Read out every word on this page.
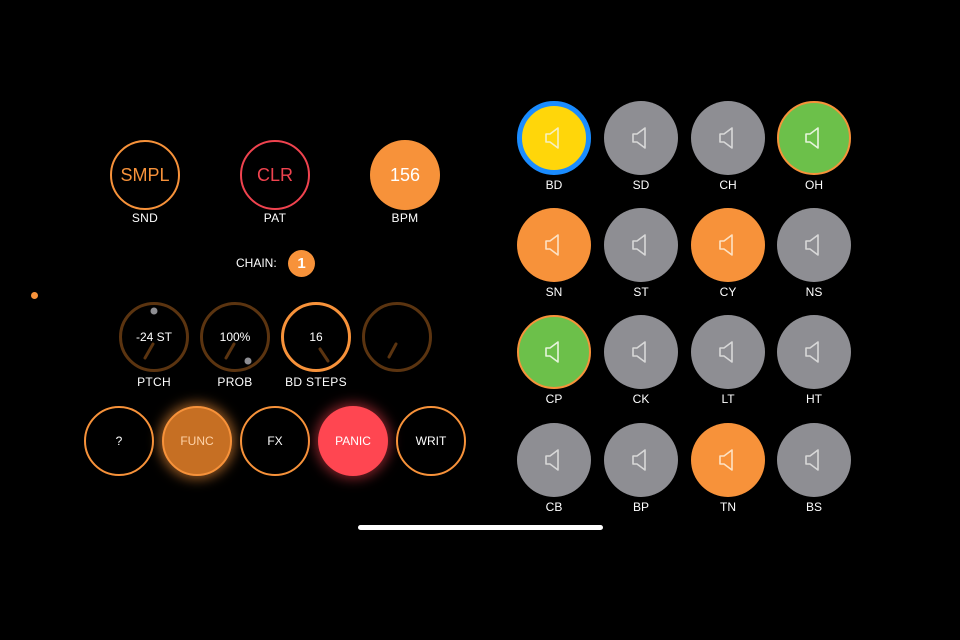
SMPL
SND
CLR
PAT
156
BPM
CHAIN: 1
-24 ST
PTCH
100%
PROB
16
BD STEPS
?	FUNC	FX	PANIC	WRIT
BD	SD	CH	OH
SN	ST	CY	NS
CP	CK	LT	HT
CB	BP	TN	BS
